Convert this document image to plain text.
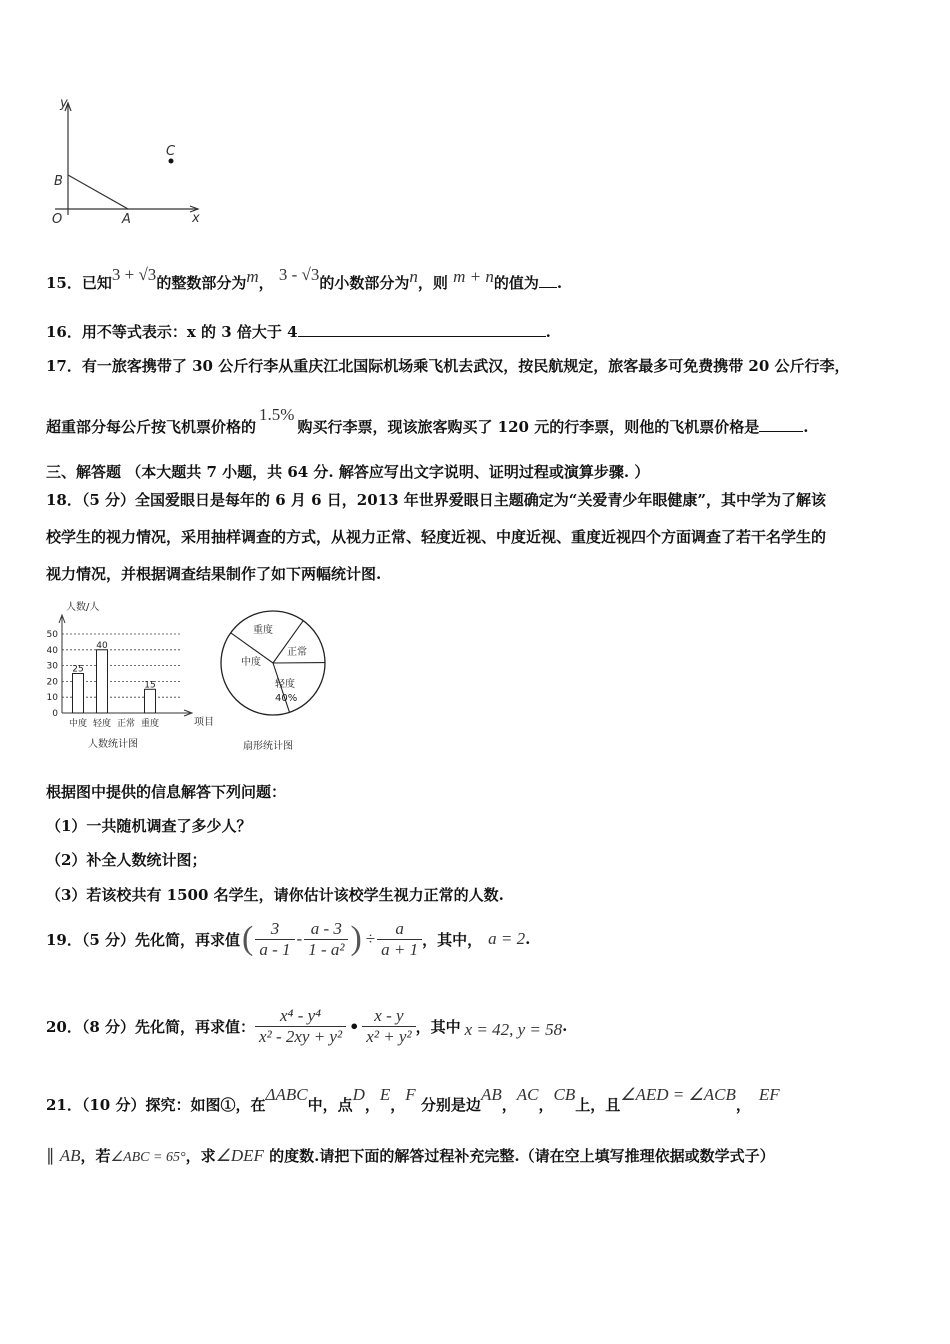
y
x
O	A
B
C
15．已知3 + √3的整数部分为m， 3 - √3的小数部分为n，则 m + n的值为 .
16．用不等式表示：x 的 3 倍大于 4	.
17．有一旅客携带了 30 公斤行李从重庆江北国际机场乘飞机去武汉，按民航规定，旅客最多可免费携带 20 公斤行李，
超重部分每公斤按飞机票价格的1.5%购买行李票，现该旅客购买了 120 元的行李票，则他的飞机票价格是	.
三、解答题 （本大题共 7 小题，共 64 分. 解答应写出文字说明、证明过程或演算步骤. ）
18．（5 分）全国爱眼日是每年的 6 月 6 日，2013 年世界爱眼日主题确定为“关爱青少年眼健康”，其中学为了解该
校学生的视力情况，采用抽样调查的方式，从视力正常、轻度近视、中度近视、重度近视四个方面调查了若干名学生的
视力情况，并根据调查结果制作了如下两幅统计图.
人数/人
0
10
20
30
40
50
25
40
15
中度 轻度 正常 重度	项目
人数统计图
重度
正常
轻度
中度
40%
扇形统计图
根据图中提供的信息解答下列问题：
（1）一共随机调查了多少人？
（2）补全人数统计图；
（3）若该校共有 1500 名学生，请你估计该校学生视力正常的人数.
19．（5 分）先化简，再求值 ( $\frac{3}{a - 1} - \frac{a - 3}{\text{1 - a²}}$ ) ÷ $\frac{a}{a + 1}$ ，其中， a = 2 .
20．（8 分）先化简，再求值： $\frac{\text{x⁴ - y⁴}}{\text{x² - 2xy + y²}}$ • $\frac{x - y}{\text{x² + y²}}$ ，其中 x = 42, y = 58 .
21．（10 分）探究：如图①，在ΔABC中，点D，E，F 分别是边AB，AC，CB上，且∠AED = ∠ACB，EF
∥ AB，若∠ABC = 65°，求∠DEF 的度数.请把下面的解答过程补充完整.（请在空上填写推理依据或数学式子）
